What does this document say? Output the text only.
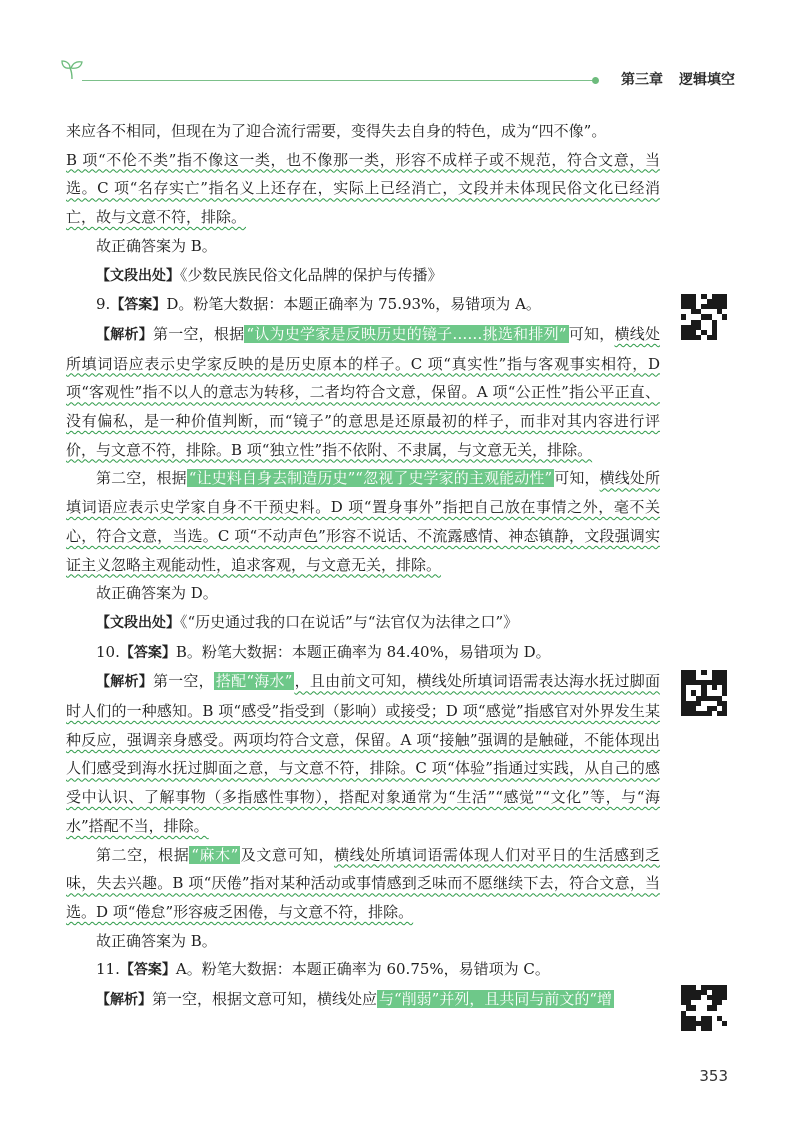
第三章 逻辑填空

来应各不相同，但现在为了迎合流行需要，变得失去自身的特色，成为“四不像”。

B 项“不伦不类”指不像这一类，也不像那一类，形容不成样子或不规范，符合文意，当选。C 项“名存实亡”指名义上还存在，实际上已经消亡，文段并未体现民俗文化已经消亡，故与文意不符，排除。

故正确答案为 B。

【文段出处】《少数民族民俗文化品牌的保护与传播》

9.【答案】D。粉笔大数据：本题正确率为 75.93%，易错项为 A。

【解析】第一空，根据 “认为史学家是反映历史的镜子……挑选和排列” 可知，横线处所填词语应表示史学家反映的是历史原本的样子。C 项“真实性”指与客观事实相符，D 项“客观性”指不以人的意志为转移，二者均符合文意，保留。A 项“公正性”指公平正直、没有偏私，是一种价值判断，而“镜子”的意思是还原最初的样子，而非对其内容进行评价，与文意不符，排除。B 项“独立性”指不依附、不隶属，与文意无关，排除。

第二空，根据 “让史料自身去制造历史”“忽视了史学家的主观能动性” 可知，横线处所填词语应表示史学家自身不干预史料。D 项“置身事外”指把自己放在事情之外，毫不关心，符合文意，当选。C 项“不动声色”形容不说话、不流露感情、神态镇静，文段强调实证主义忽略主观能动性，追求客观，与文意无关，排除。

故正确答案为 D。

【文段出处】《“历史通过我的口在说话”与“法官仅为法律之口”》

10.【答案】B。粉笔大数据：本题正确率为 84.40%，易错项为 D。

【解析】第一空， 搭配“海水” ，且由前文可知，横线处所填词语需表达海水抚过脚面时人们的一种感知。B 项“感受”指受到（影响）或接受；D 项“感觉”指感官对外界发生某种反应，强调亲身感受。两项均符合文意，保留。A 项“接触”强调的是触碰，不能体现出人们感受到海水抚过脚面之意，与文意不符，排除。C 项“体验”指通过实践，从自己的感受中认识、了解事物（多指感性事物），搭配对象通常为“生活”“感觉”“文化”等，与“海水”搭配不当，排除。

第二空，根据 “麻木” 及文意可知，横线处所填词语需体现人们对平日的生活感到乏味，失去兴趣。B 项“厌倦”指对某种活动或事情感到乏味而不愿继续下去，符合文意，当选。D 项“倦怠”形容疲乏困倦，与文意不符，排除。

故正确答案为 B。

11.【答案】A。粉笔大数据：本题正确率为 60.75%，易错项为 C。

【解析】第一空，根据文意可知，横线处应 与“削弱”并列，且共同与前文的“增

353
